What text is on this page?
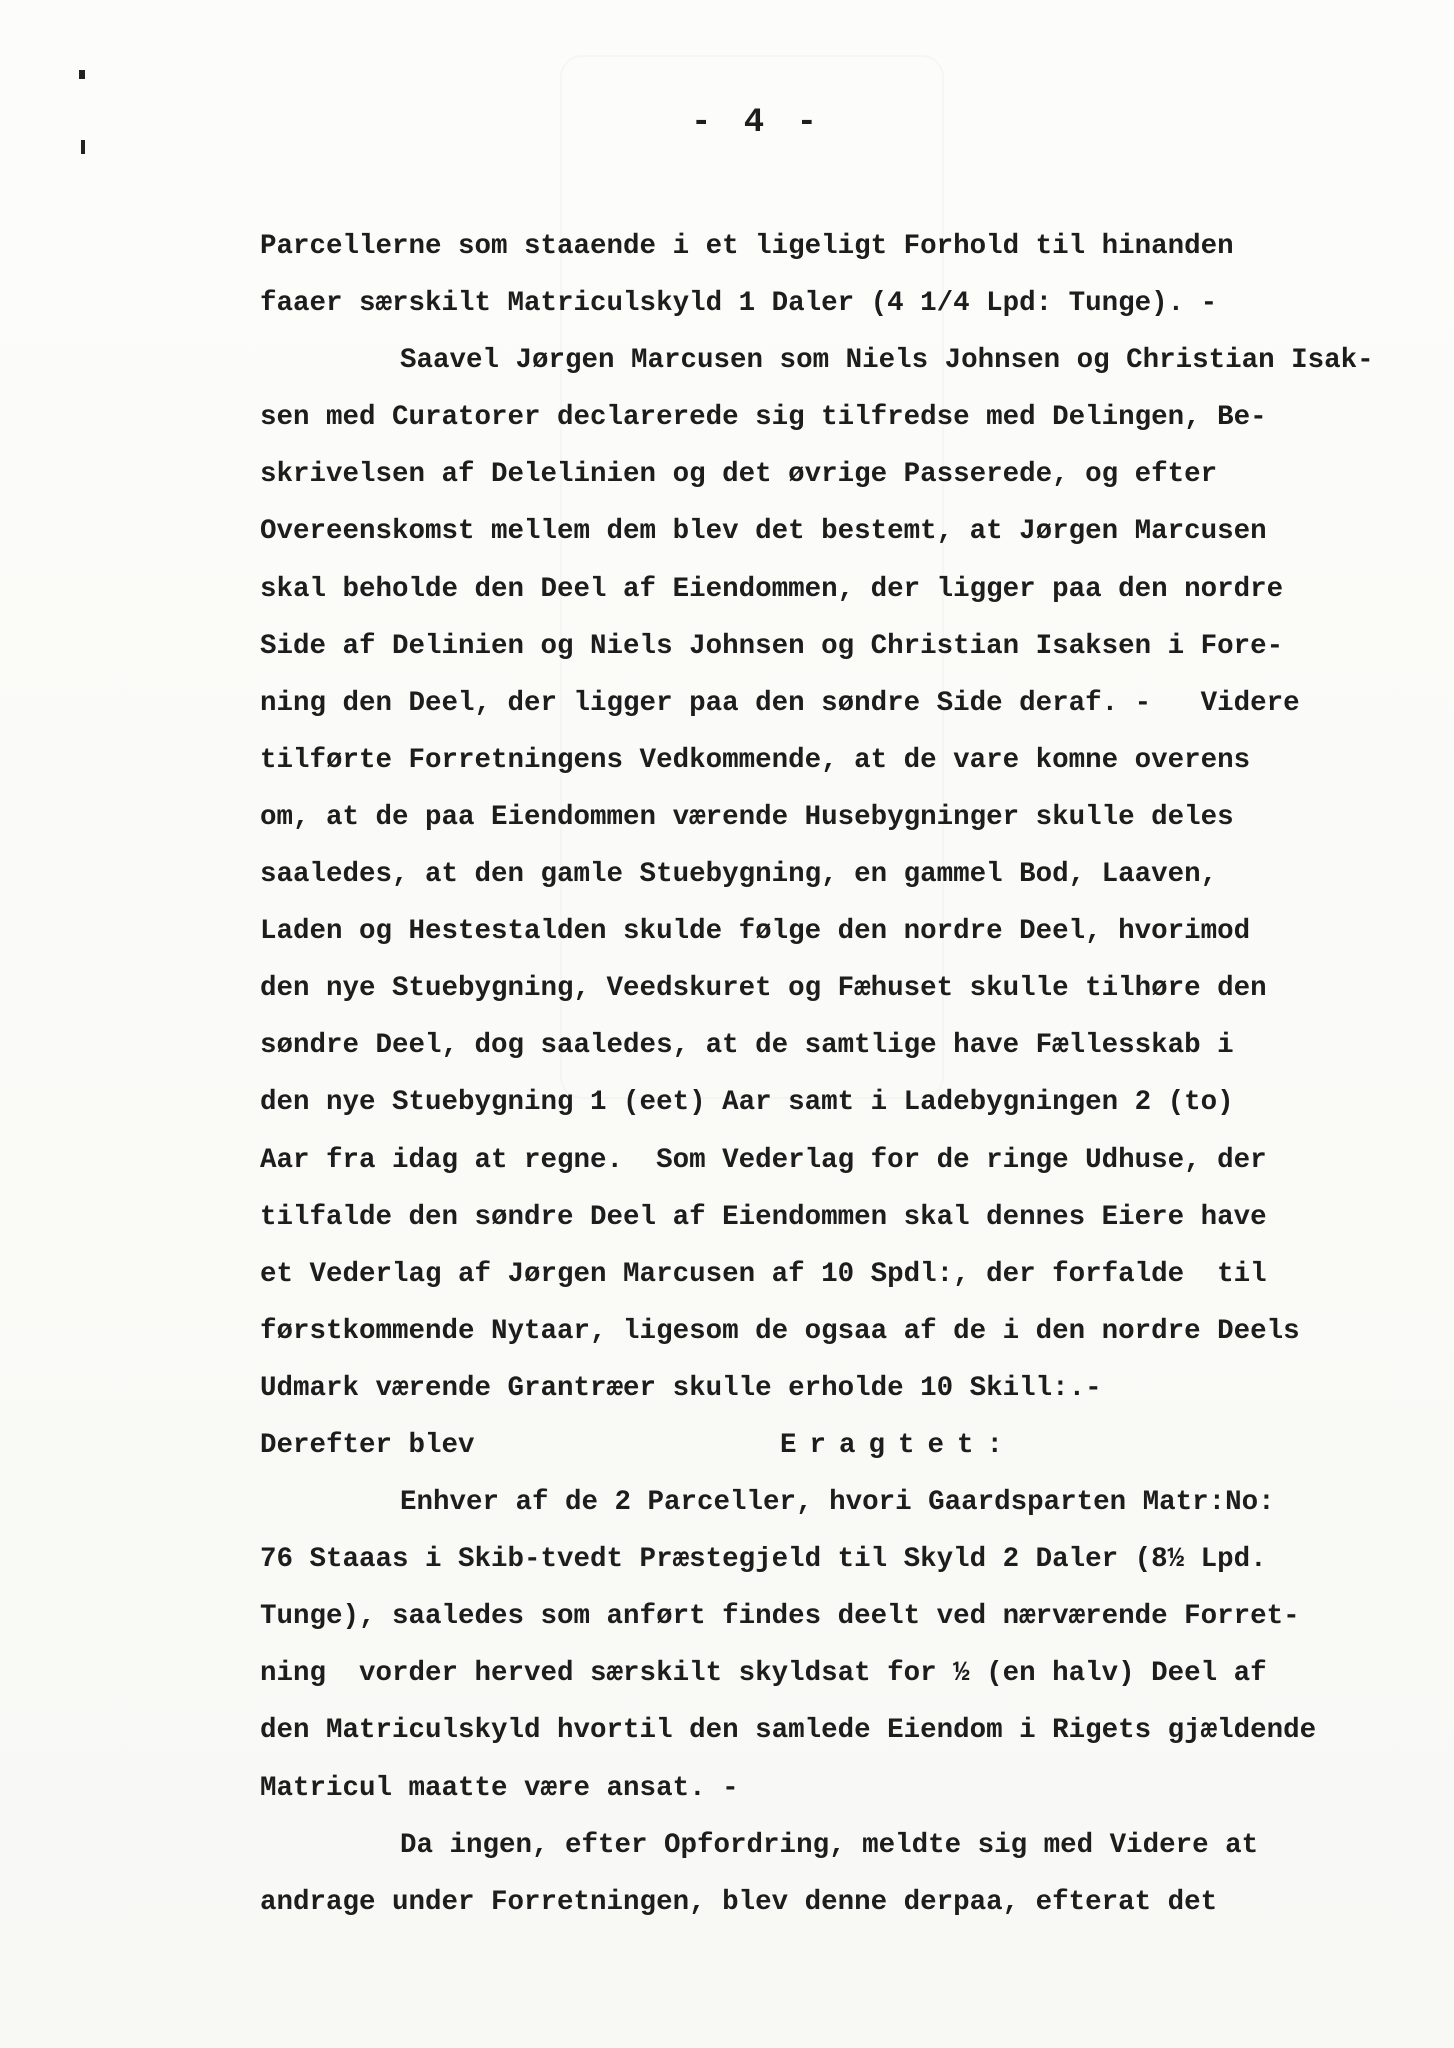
- 4 -
Parcellerne som staaende i et ligeligt Forhold til hinanden
faaer særskilt Matriculskyld 1 Daler (4 1/4 Lpd: Tunge). -
Saavel Jørgen Marcusen som Niels Johnsen og Christian Isak-
sen med Curatorer declarerede sig tilfredse med Delingen, Be-
skrivelsen af Delelinien og det øvrige Passerede, og efter
Overeenskomst mellem dem blev det bestemt, at Jørgen Marcusen
skal beholde den Deel af Eiendommen, der ligger paa den nordre
Side af Delinien og Niels Johnsen og Christian Isaksen i Fore-
ning den Deel, der ligger paa den søndre Side deraf. -   Videre
tilførte Forretningens Vedkommende, at de vare komne overens
om, at de paa Eiendommen værende Husebygninger skulle deles
saaledes, at den gamle Stuebygning, en gammel Bod, Laaven,
Laden og Hestestalden skulde følge den nordre Deel, hvorimod
den nye Stuebygning, Veedskuret og Fæhuset skulle tilhøre den
søndre Deel, dog saaledes, at de samtlige have Fællesskab i
den nye Stuebygning 1 (eet) Aar samt i Ladebygningen 2 (to)
Aar fra idag at regne.  Som Vederlag for de ringe Udhuse, der
tilfalde den søndre Deel af Eiendommen skal dennes Eiere have
et Vederlag af Jørgen Marcusen af 10 Spdl:, der forfalde  til
førstkommende Nytaar, ligesom de ogsaa af de i den nordre Deels
Udmark værende Grantræer skulle erholde 10 Skill:.-
Derefter blev	Eragtet:
Enhver af de 2 Parceller, hvori Gaardsparten Matr:No:
76 Staaas i Skib-tvedt Præstegjeld til Skyld 2 Daler (8½ Lpd.
Tunge), saaledes som anført findes deelt ved nærværende Forret-
ning  vorder herved særskilt skyldsat for ½ (en halv) Deel af
den Matriculskyld hvortil den samlede Eiendom i Rigets gjældende
Matricul maatte være ansat. -
Da ingen, efter Opfordring, meldte sig med Videre at
andrage under Forretningen, blev denne derpaa, efterat det
